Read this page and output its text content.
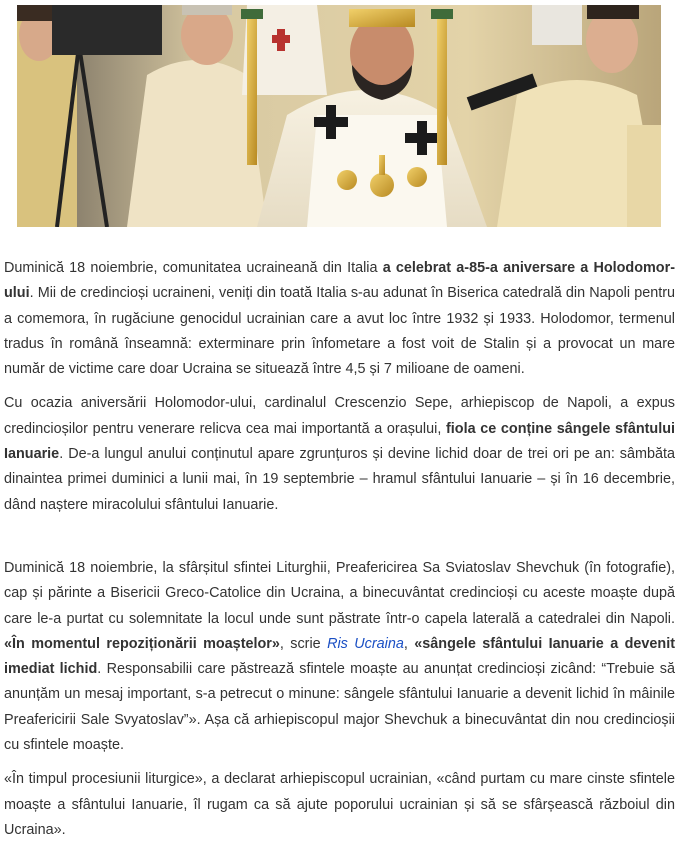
Duminică 18 noiembrie, comunitatea ucraineană din Italia a celebrat a-85-a aniversare a Holodomor-ului. Mii de credincioși ucraineni, veniți din toată Italia s-au adunat în Biserica catedrală din Napoli pentru a comemora, în rugăciune genocidul ucrainian care a avut loc între 1932 și 1933. Holodomor, termenul tradus în română înseamnă: exterminare prin înfometare a fost voit de Stalin și a provocat un mare număr de victime care doar Ucraina se situează între 4,5 și 7 milioane de oameni.

Cu ocazia aniversării Holomodor-ului, cardinalul Crescenzio Sepe, arhiepiscop de Napoli, a expus credincioșilor pentru venerare relicva cea mai importantă a orașului, fiola ce conține sângele sfântului Ianuarie. De-a lungul anului conținutul apare zgrunțuros și devine lichid doar de trei ori pe an: sâmbăta dinaintea primei duminici a lunii mai, în 19 septembrie – hramul sfântului Ianuarie – și în 16 decembrie, dând naștere miracolului sfântului Ianuarie.

Duminică 18 noiembrie, la sfârșitul sfintei Liturghii, Preafericirea Sa Sviatoslav Shevchuk (în fotografie), cap și părinte a Bisericii Greco-Catolice din Ucraina, a binecuvântat credincioși cu aceste moaște după care le-a purtat cu solemnitate la locul unde sunt păstrate într-o capela laterală a catedralei din Napoli. «În momentul repoziționării moaștelor», scrie Ris Ucraina, «sângele sfântului Ianuarie a devenit imediat lichid. Responsabilii care păstrează sfintele moaște au anunțat credincioși zicând: “Trebuie să anunțăm un mesaj important, s-a petrecut o minune: sângele sfântului Ianuarie a devenit lichid în mâinile Preafericirii Sale Svyatoslav”». Așa că arhiepiscopul major Shevchuk a binecuvântat din nou credincioșii cu sfintele moaște.

«În timpul procesiunii liturgice», a declarat arhiepiscopul ucrainian, «când purtam cu mare cinste sfintele moaște a sfântului Ianuarie, îl rugam ca să ajute poporului ucrainian și să se sfârșească războiul din Ucraina».
